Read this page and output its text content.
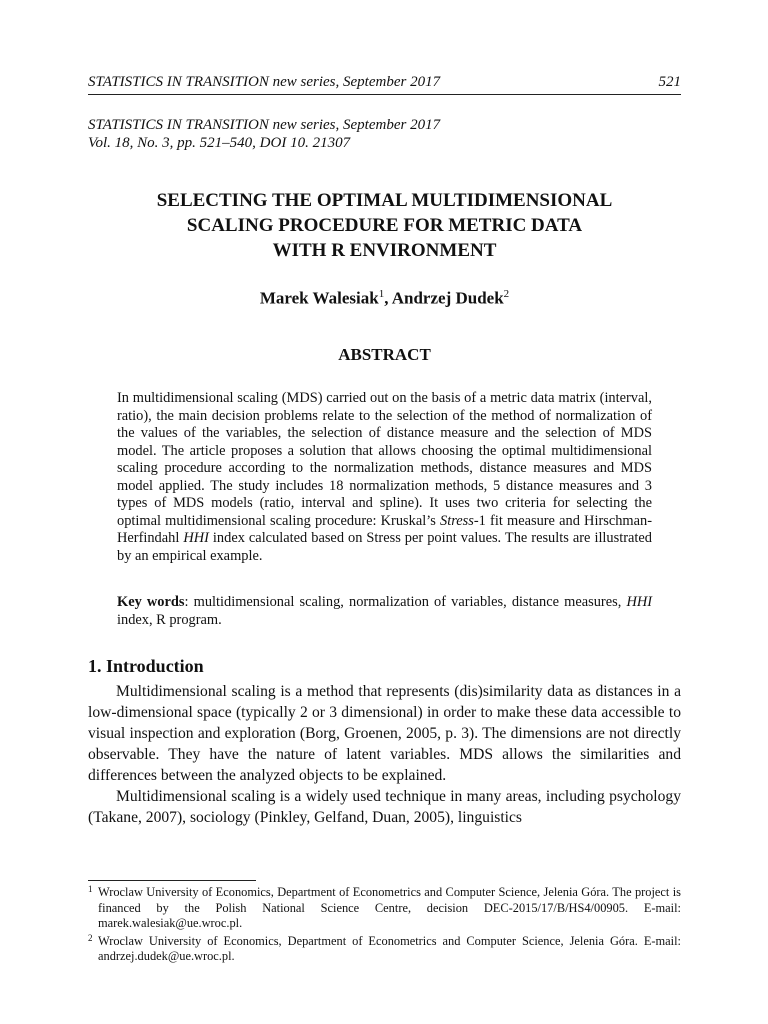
STATISTICS IN TRANSITION new series, September 2017	521
STATISTICS IN TRANSITION new series, September 2017
Vol. 18, No. 3, pp. 521–540, DOI 10. 21307
SELECTING THE OPTIMAL MULTIDIMENSIONAL
SCALING PROCEDURE FOR METRIC DATA
WITH R ENVIRONMENT
Marek Walesiak$^1$, Andrzej Dudek$^2$
ABSTRACT
In multidimensional scaling (MDS) carried out on the basis of a metric data matrix (interval, ratio), the main decision problems relate to the selection of the method of normalization of the values of the variables, the selection of distance measure and the selection of MDS model. The article proposes a solution that allows choosing the optimal multidimensional scaling procedure according to the normalization methods, distance measures and MDS model applied. The study includes 18 normalization methods, 5 distance measures and 3 types of MDS models (ratio, interval and spline). It uses two criteria for selecting the optimal multidimensional scaling procedure: Kruskal’s Stress-1 fit measure and Hirschman-Herfindahl HHI index calculated based on Stress per point values. The results are illustrated by an empirical example.
Key words: multidimensional scaling, normalization of variables, distance measures, HHI index, R program.
1. Introduction

Multidimensional scaling is a method that represents (dis)similarity data as distances in a low-dimensional space (typically 2 or 3 dimensional) in order to make these data accessible to visual inspection and exploration (Borg, Groenen, 2005, p. 3). The dimensions are not directly observable. They have the nature of latent variables. MDS allows the similarities and differences between the analyzed objects to be explained.

Multidimensional scaling is a widely used technique in many areas, including psychology (Takane, 2007), sociology (Pinkley, Gelfand, Duan, 2005), linguistics

1 Wroclaw University of Economics, Department of Econometrics and Computer Science, Jelenia Góra. The project is financed by the Polish National Science Centre, decision DEC-2015/17/B/HS4/00905. E-mail: marek.walesiak@ue.wroc.pl.
2 Wroclaw University of Economics, Department of Econometrics and Computer Science, Jelenia Góra. E-mail: andrzej.dudek@ue.wroc.pl.
